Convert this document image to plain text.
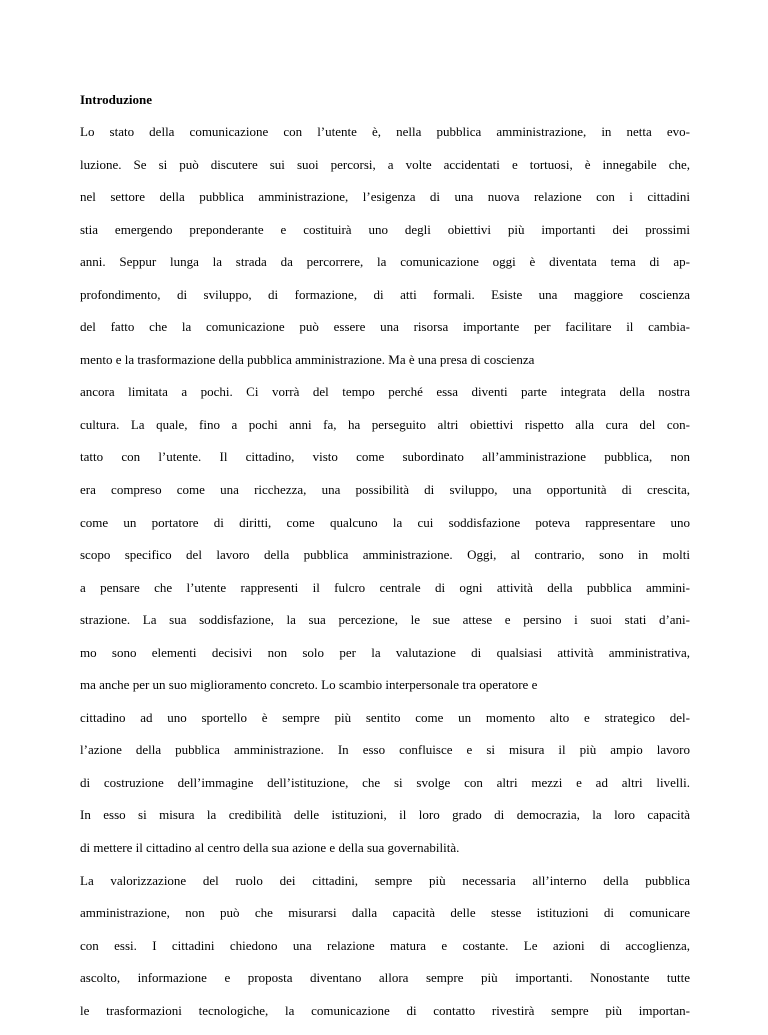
Introduzione
Lo stato della comunicazione con l’utente è, nella pubblica amministrazione, in netta evo-
luzione. Se si può discutere sui suoi percorsi, a volte accidentati e tortuosi, è innegabile che,
nel settore della pubblica amministrazione, l’esigenza di una nuova relazione con i cittadini
stia emergendo preponderante e costituirà uno degli obiettivi più importanti dei prossimi
anni. Seppur lunga la strada da percorrere, la comunicazione oggi è diventata tema di ap-
profondimento, di sviluppo, di formazione, di atti formali. Esiste una maggiore coscienza
del fatto che la comunicazione può essere una risorsa importante per facilitare il cambia-
mento e la trasformazione della pubblica amministrazione. Ma è una presa di coscienza
ancora limitata a pochi. Ci vorrà del tempo perché essa diventi parte integrata della nostra
cultura. La quale, fino a pochi anni fa, ha perseguito altri obiettivi rispetto alla cura del con-
tatto con l’utente. Il cittadino, visto come subordinato all’amministrazione pubblica, non
era compreso come una ricchezza, una possibilità di sviluppo, una opportunità di crescita,
come un portatore di diritti, come qualcuno la cui soddisfazione poteva rappresentare uno
scopo specifico del lavoro della pubblica amministrazione. Oggi, al contrario, sono in molti
a pensare che l’utente rappresenti il fulcro centrale di ogni attività della pubblica ammini-
strazione. La sua soddisfazione, la sua percezione, le sue attese e persino i suoi stati d’ani-
mo sono elementi decisivi non solo per la valutazione di qualsiasi attività amministrativa,
ma anche per un suo miglioramento concreto. Lo scambio interpersonale tra operatore e
cittadino ad uno sportello è sempre più sentito come un momento alto e strategico del-
l’azione della pubblica amministrazione. In esso confluisce e si misura il più ampio lavoro
di costruzione dell’immagine dell’istituzione, che si svolge con altri mezzi e ad altri livelli.
In esso si misura la credibilità delle istituzioni, il loro grado di democrazia, la loro capacità
di mettere il cittadino al centro della sua azione e della sua governabilità.
La valorizzazione del ruolo dei cittadini, sempre più necessaria all’interno della pubblica
amministrazione, non può che misurarsi dalla capacità delle stesse istituzioni di comunicare
con essi. I cittadini chiedono una relazione matura e costante. Le azioni di accoglienza,
ascolto, informazione e proposta diventano allora sempre più importanti. Nonostante tutte
le trasformazioni tecnologiche, la comunicazione di contatto rivestirà sempre più importan-
